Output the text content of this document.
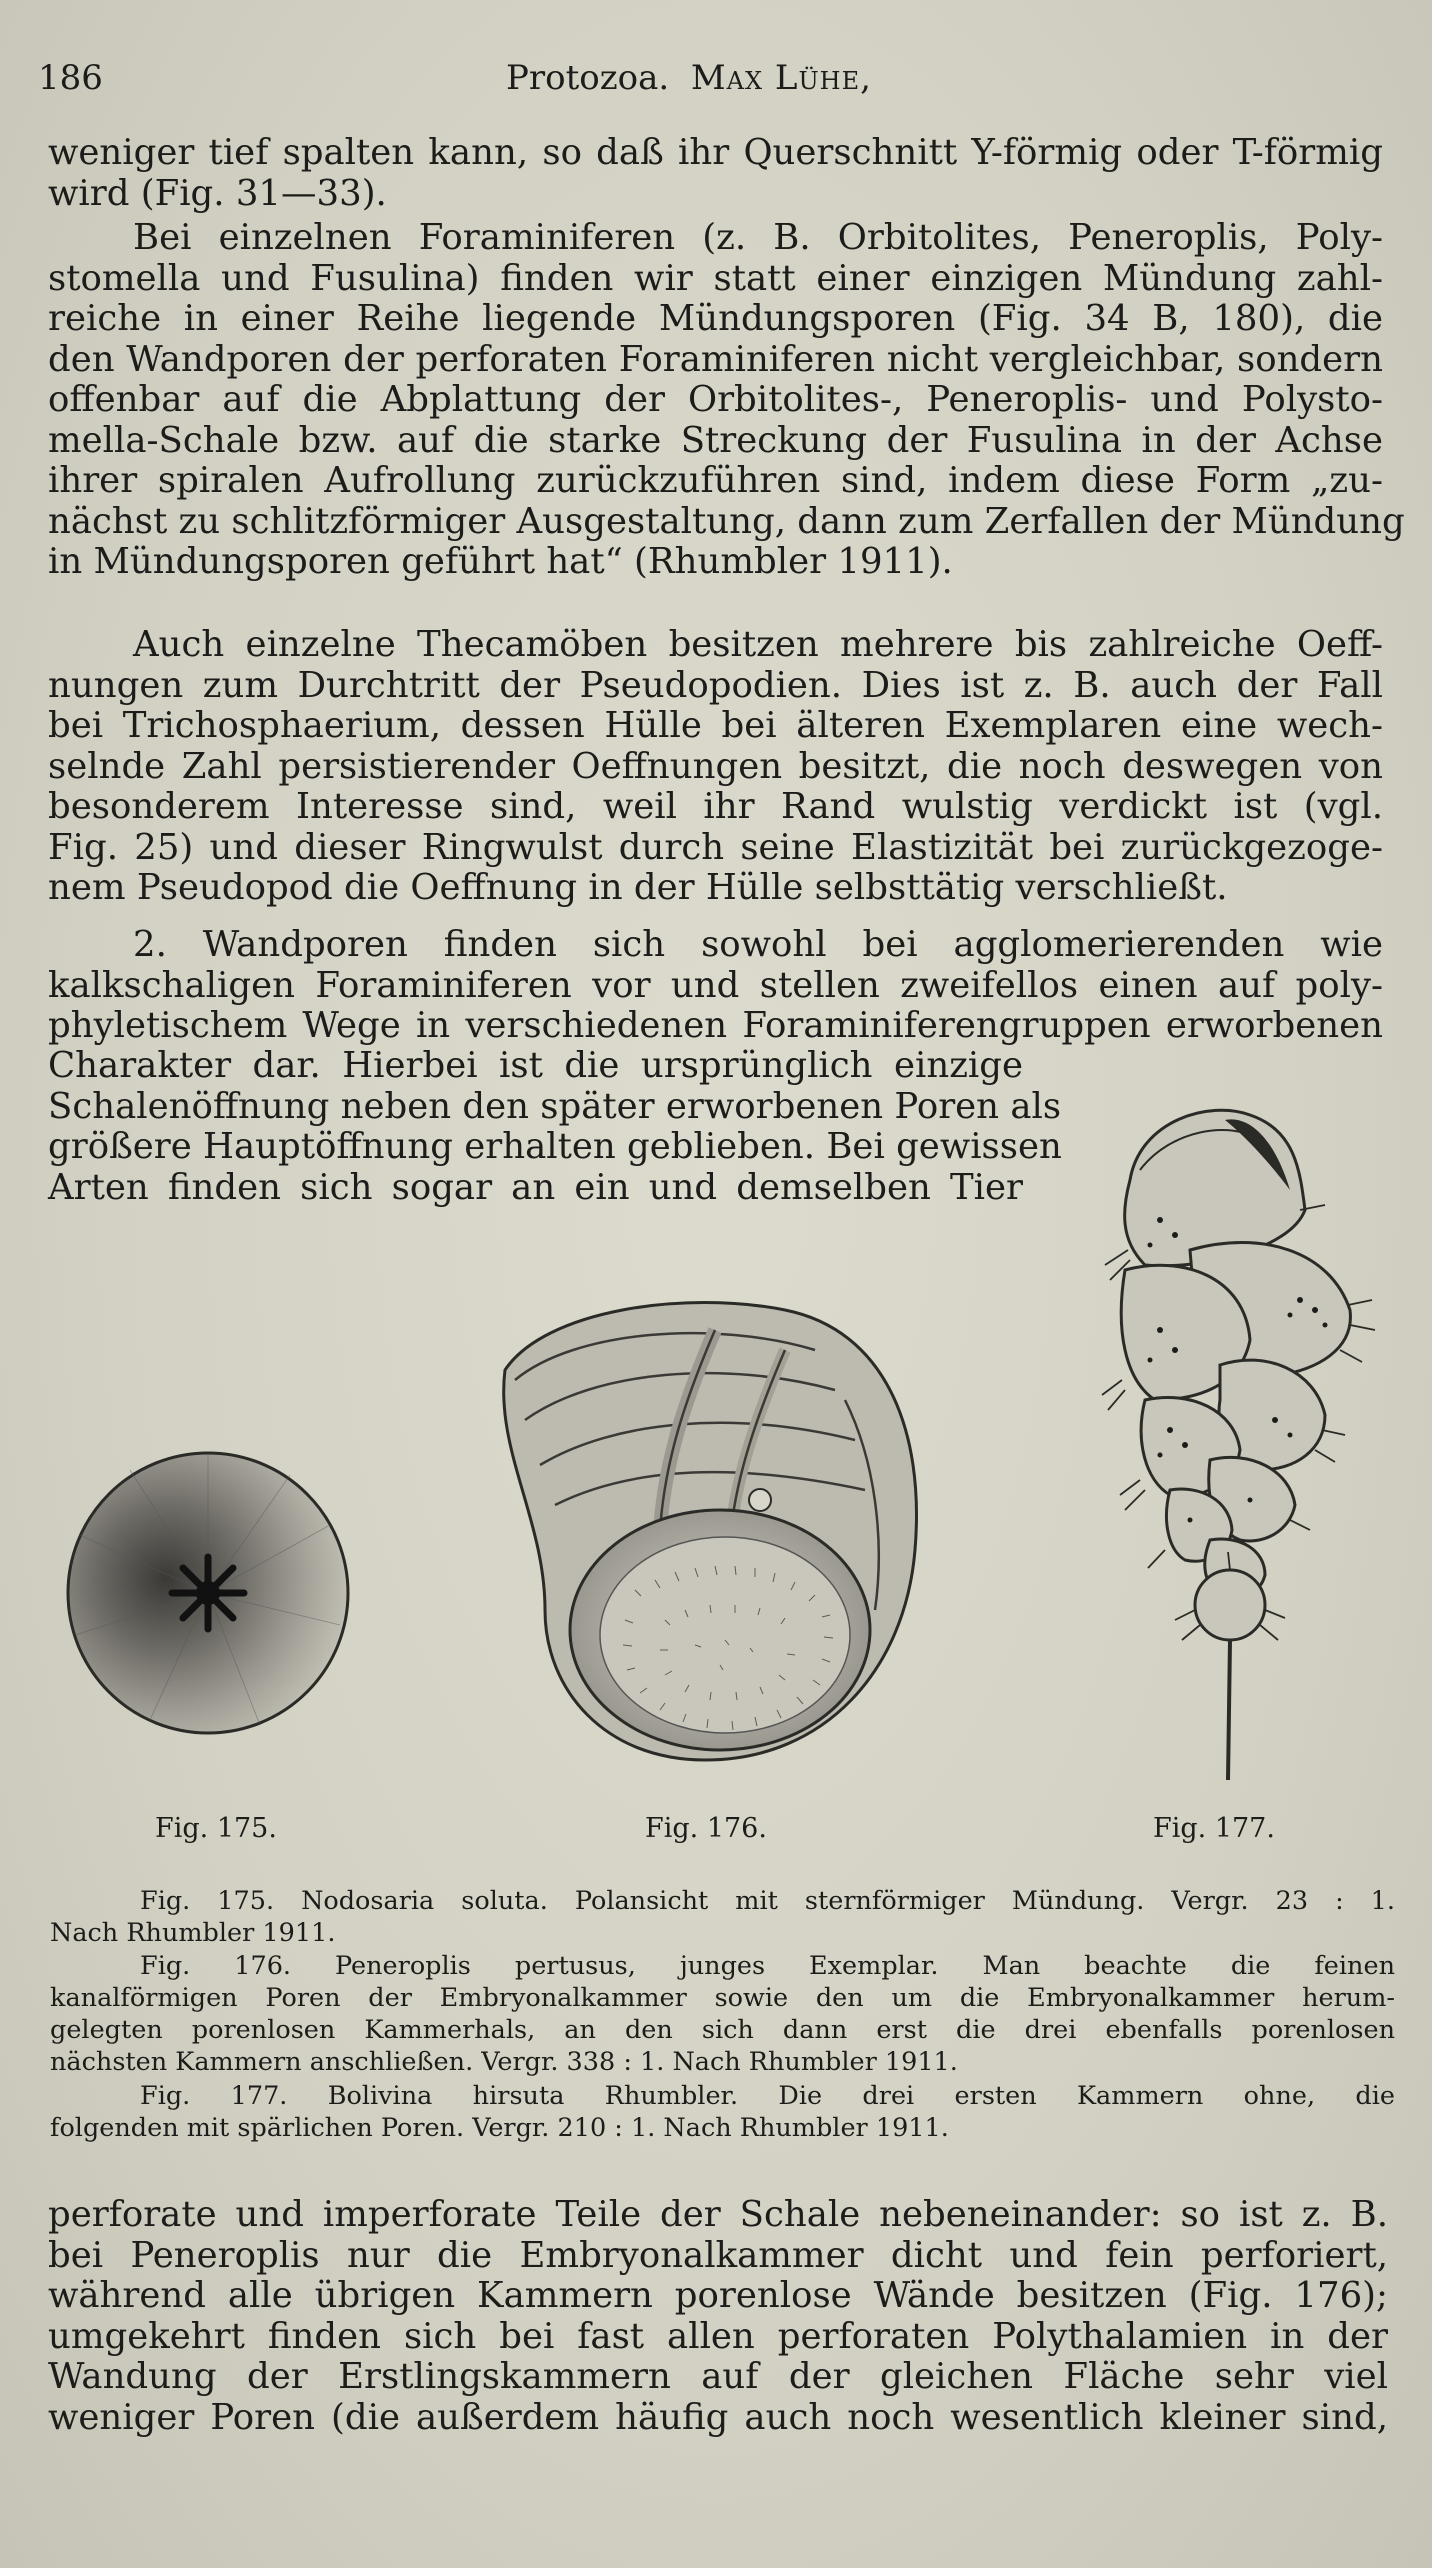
186	Protozoa. Max Lühe,
weniger tief spalten kann, so daß ihr Querschnitt Y-förmig oder T-förmig
wird (Fig. 31—33).
Bei einzelnen Foraminiferen (z. B. Orbitolites, Peneroplis, Poly-
stomella und Fusulina) finden wir statt einer einzigen Mündung zahl-
reiche in einer Reihe liegende Mündungsporen (Fig. 34 B, 180), die
den Wandporen der perforaten Foraminiferen nicht vergleichbar, sondern
offenbar auf die Abplattung der Orbitolites-, Peneroplis- und Polysto-
mella-Schale bzw. auf die starke Streckung der Fusulina in der Achse
ihrer spiralen Aufrollung zurückzuführen sind, indem diese Form „zu-
nächst zu schlitzförmiger Ausgestaltung, dann zum Zerfallen der Mündung
in Mündungsporen geführt hat“ (Rhumbler 1911).
Auch einzelne Thecamöben besitzen mehrere bis zahlreiche Oeff-
nungen zum Durchtritt der Pseudopodien. Dies ist z. B. auch der Fall
bei Trichosphaerium, dessen Hülle bei älteren Exemplaren eine wech-
selnde Zahl persistierender Oeffnungen besitzt, die noch deswegen von
besonderem Interesse sind, weil ihr Rand wulstig verdickt ist (vgl.
Fig. 25) und dieser Ringwulst durch seine Elastizität bei zurückgezoge-
nem Pseudopod die Oeffnung in der Hülle selbsttätig verschließt.
2. Wandporen finden sich sowohl bei agglomerierenden wie
kalkschaligen Foraminiferen vor und stellen zweifellos einen auf poly-
phyletischem Wege in verschiedenen Foraminiferengruppen erworbenen
Charakter dar. Hierbei ist die ursprünglich einzige
Schalenöffnung neben den später erworbenen Poren als
größere Hauptöffnung erhalten geblieben. Bei gewissen
Arten finden sich sogar an ein und demselben Tier
Fig. 175.	Fig. 176.	Fig. 177.
Fig. 175. Nodosaria soluta. Polansicht mit sternförmiger Mündung. Vergr. 23 : 1.
Nach Rhumbler 1911.
Fig. 176. Peneroplis pertusus, junges Exemplar. Man beachte die feinen
kanalförmigen Poren der Embryonalkammer sowie den um die Embryonalkammer herum-
gelegten porenlosen Kammerhals, an den sich dann erst die drei ebenfalls porenlosen
nächsten Kammern anschließen. Vergr. 338 : 1. Nach Rhumbler 1911.
Fig. 177. Bolivina hirsuta Rhumbler. Die drei ersten Kammern ohne, die
folgenden mit spärlichen Poren. Vergr. 210 : 1. Nach Rhumbler 1911.
perforate und imperforate Teile der Schale nebeneinander: so ist z. B.
bei Peneroplis nur die Embryonalkammer dicht und fein perforiert,
während alle übrigen Kammern porenlose Wände besitzen (Fig. 176);
umgekehrt finden sich bei fast allen perforaten Polythalamien in der
Wandung der Erstlingskammern auf der gleichen Fläche sehr viel
weniger Poren (die außerdem häufig auch noch wesentlich kleiner sind,
